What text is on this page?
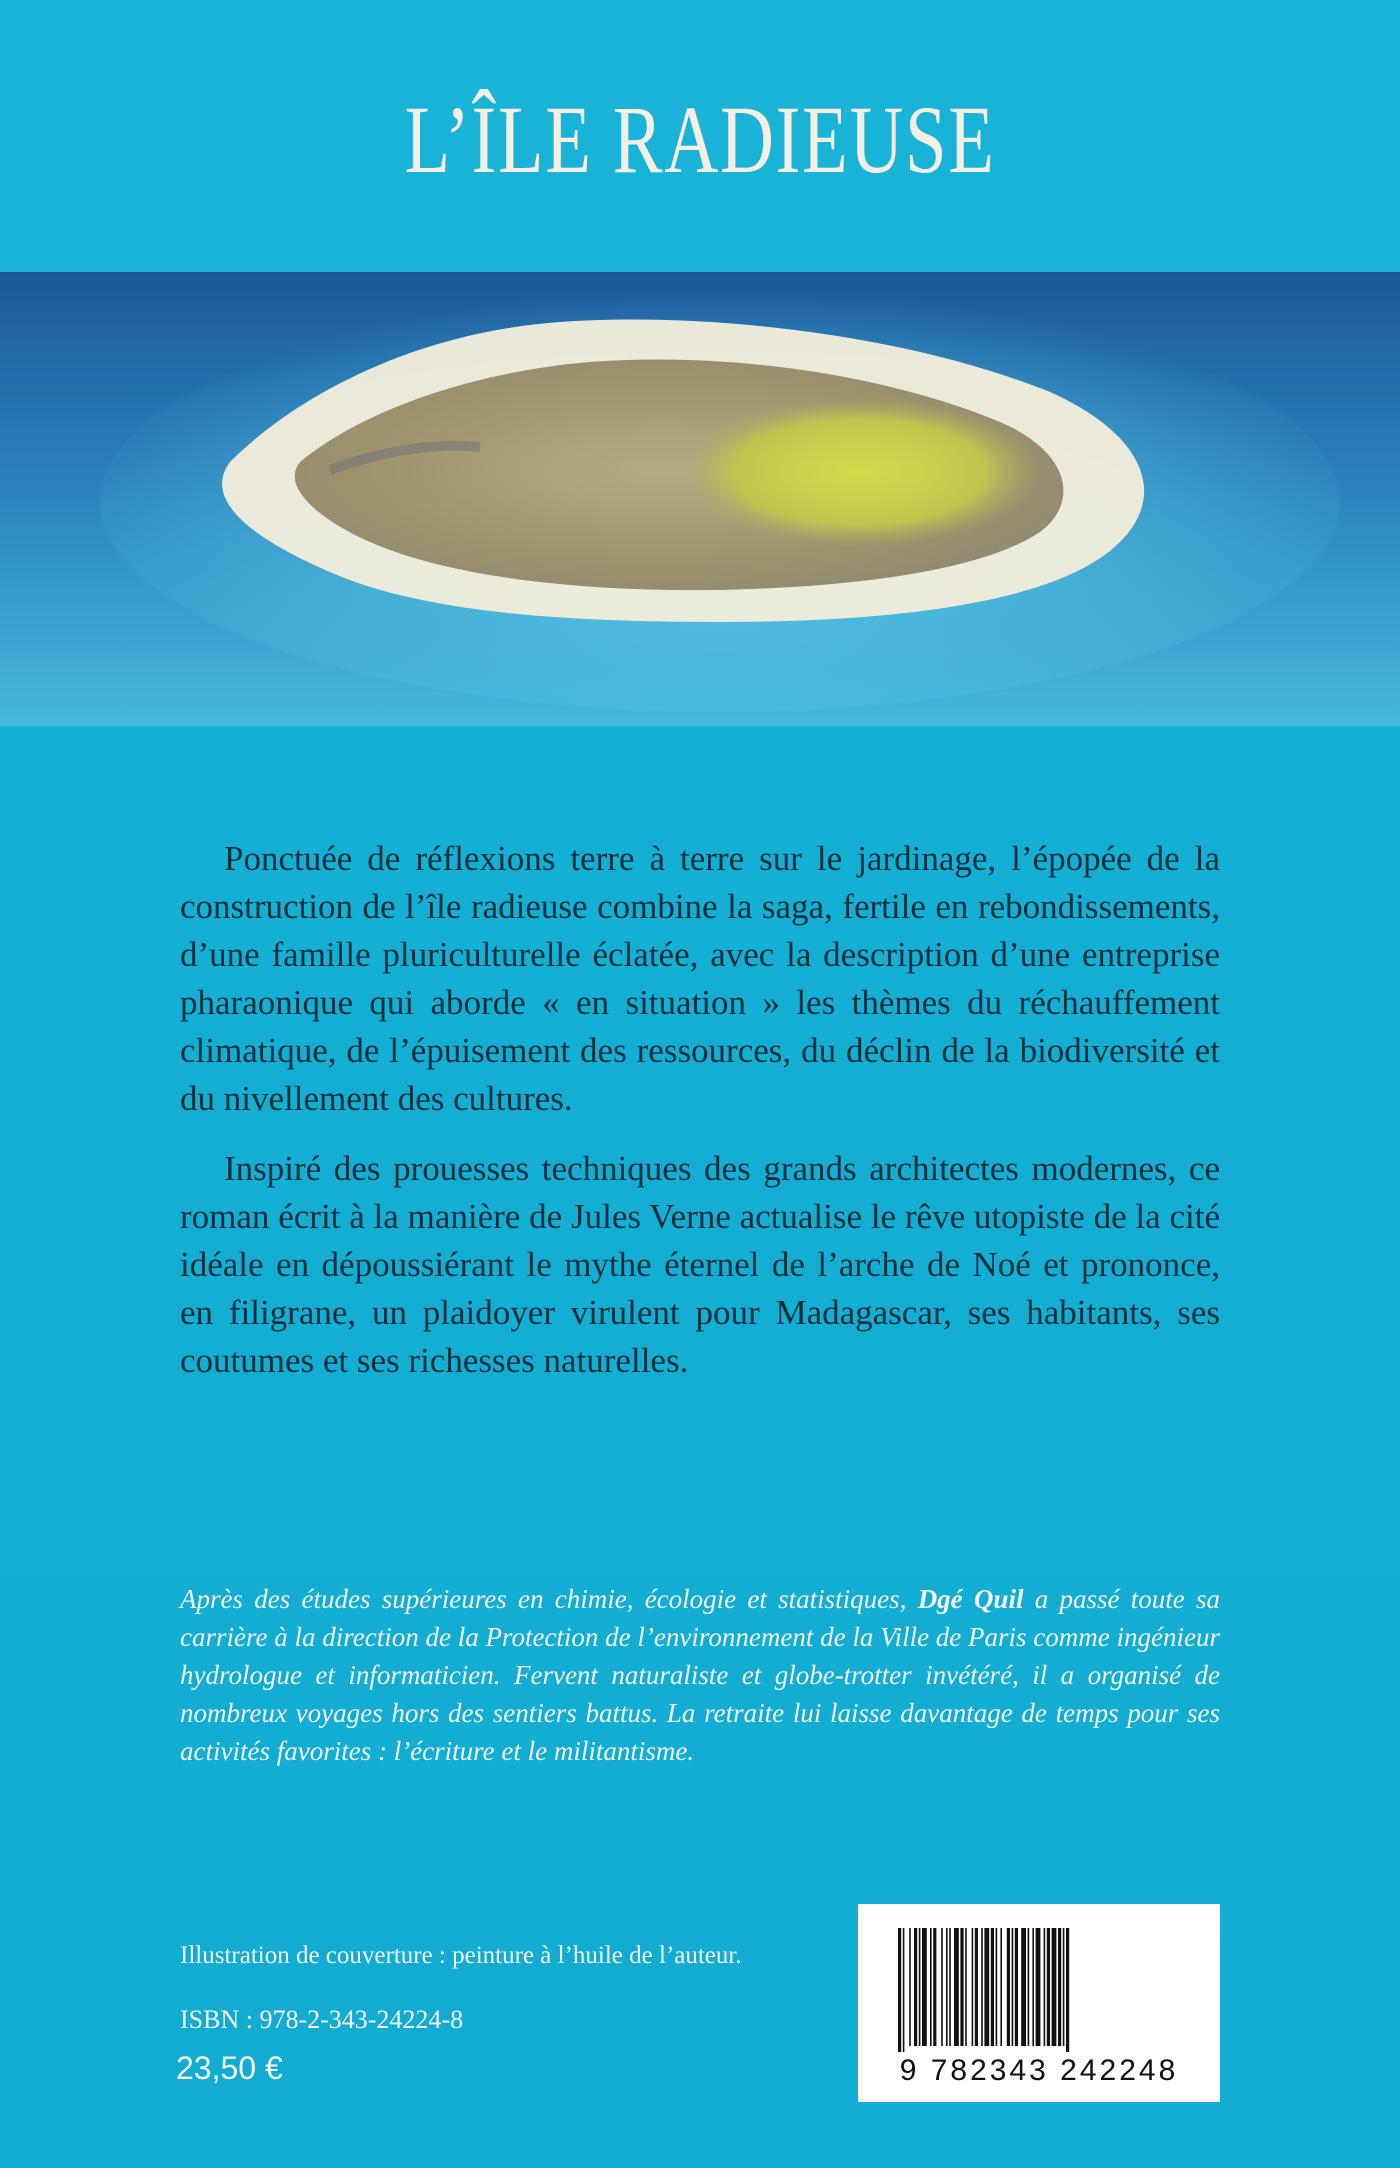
L’ÎLE RADIEUSE

Ponctuée de réflexions terre à terre sur le jardinage, l’épopée de la construction de l’île radieuse combine la saga, fertile en rebondissements, d’une famille pluriculturelle éclatée, avec la description d’une entreprise pharaonique qui aborde « en situation » les thèmes du réchauffement climatique, de l’épuisement des ressources, du déclin de la biodiversité et du nivellement des cultures.

Inspiré des prouesses techniques des grands architectes modernes, ce roman écrit à la manière de Jules Verne actualise le rêve utopiste de la cité idéale en dépoussiérant le mythe éternel de l’arche de Noé et prononce, en filigrane, un plaidoyer virulent pour Madagascar, ses habitants, ses coutumes et ses richesses naturelles.

Après des études supérieures en chimie, écologie et statistiques, Dgé Quil a passé toute sa carrière à la direction de la Protection de l’environnement de la Ville de Paris comme ingénieur hydrologue et informaticien. Fervent naturaliste et globe-trotter invétéré, il a organisé de nombreux voyages hors des sentiers battus. La retraite lui laisse davantage de temps pour ses activités favorites : l’écriture et le militantisme.

Illustration de couverture : peinture à l’huile de l’auteur.

ISBN : 978-2-343-24224-8

23,50 €	9 782343 242248
